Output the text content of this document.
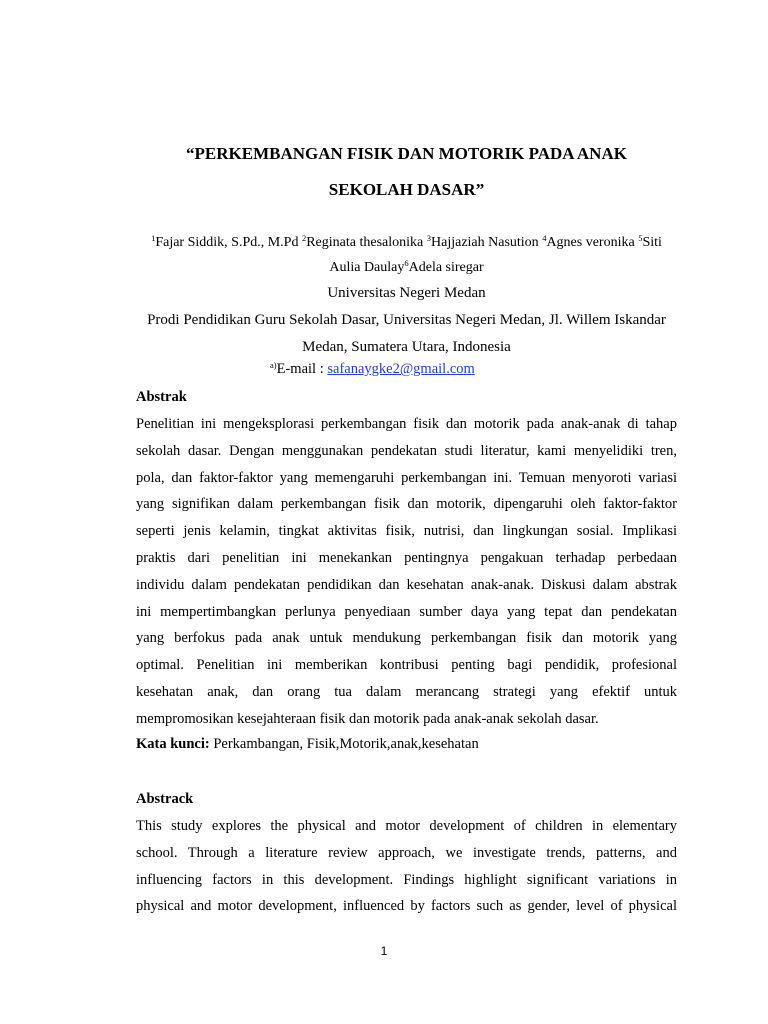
“PERKEMBANGAN FISIK DAN MOTORIK PADA ANAK
SEKOLAH DASAR”
$^1$Fajar Siddik, S.Pd., M.Pd $^2$Reginata thesalonika $^3$Hajjaziah Nasution $^4$Agnes veronika $^5$Siti Aulia Daulay$^6$Adela siregar
Universitas Negeri Medan
Prodi Pendidikan Guru Sekolah Dasar, Universitas Negeri Medan, Jl. Willem Iskandar
Medan, Sumatera Utara, Indonesia
$^{a)}$E-mail : safanaygke2@gmail.com
Abstrak
Penelitian ini mengeksplorasi perkembangan fisik dan motorik pada anak-anak di tahap
sekolah dasar. Dengan menggunakan pendekatan studi literatur, kami menyelidiki tren,
pola, dan faktor-faktor yang memengaruhi perkembangan ini. Temuan menyoroti variasi
yang signifikan dalam perkembangan fisik dan motorik, dipengaruhi oleh faktor-faktor
seperti jenis kelamin, tingkat aktivitas fisik, nutrisi, dan lingkungan sosial. Implikasi
praktis dari penelitian ini menekankan pentingnya pengakuan terhadap perbedaan
individu dalam pendekatan pendidikan dan kesehatan anak-anak. Diskusi dalam abstrak
ini mempertimbangkan perlunya penyediaan sumber daya yang tepat dan pendekatan
yang berfokus pada anak untuk mendukung perkembangan fisik dan motorik yang
optimal. Penelitian ini memberikan kontribusi penting bagi pendidik, profesional
kesehatan anak, dan orang tua dalam merancang strategi yang efektif untuk
mempromosikan kesejahteraan fisik dan motorik pada anak-anak sekolah dasar.
Kata kunci: Perkambangan, Fisik,Motorik,anak,kesehatan
Abstrack
This study explores the physical and motor development of children in elementary
school. Through a literature review approach, we investigate trends, patterns, and
influencing factors in this development. Findings highlight significant variations in
physical and motor development, influenced by factors such as gender, level of physical
1
